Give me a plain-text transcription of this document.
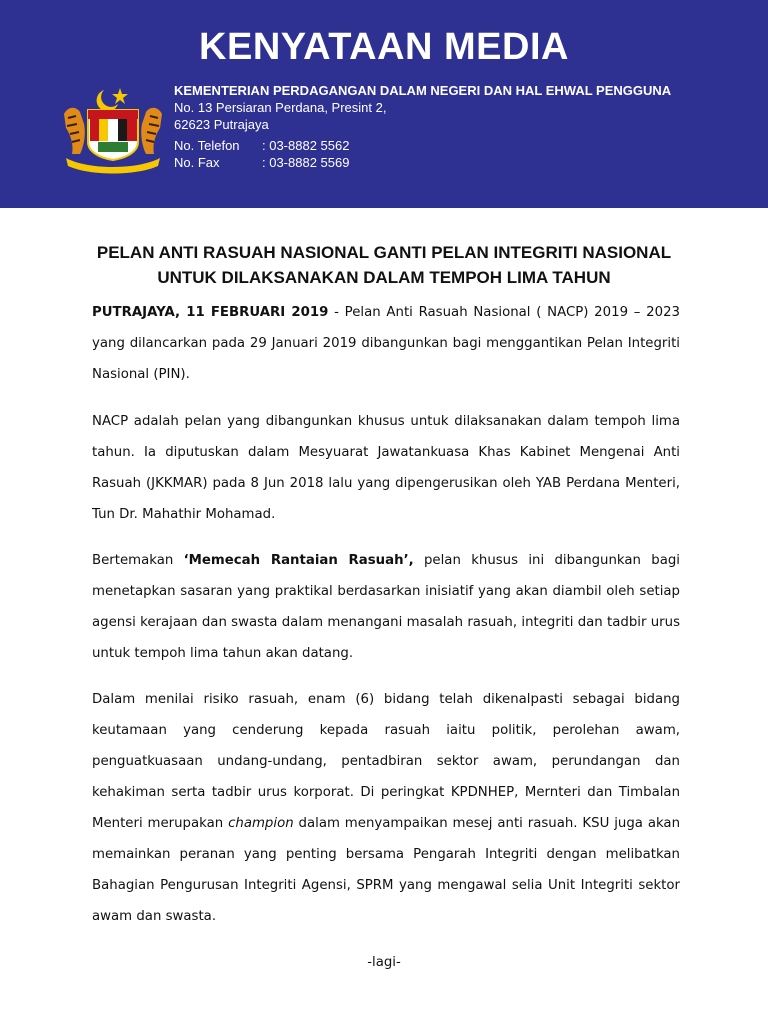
KENYATAAN MEDIA
KEMENTERIAN PERDAGANGAN DALAM NEGERI DAN HAL EHWAL PENGGUNA
No. 13 Persiaran Perdana, Presint 2,
62623 Putrajaya
No. Telefon : 03-8882 5562
No. Fax	: 03-8882 5569
PELAN ANTI RASUAH NASIONAL GANTI PELAN INTEGRITI NASIONAL
UNTUK DILAKSANAKAN DALAM TEMPOH LIMA TAHUN
PUTRAJAYA, 11 FEBRUARI 2019 - Pelan Anti Rasuah Nasional ( NACP) 2019 – 2023 yang dilancarkan pada 29 Januari 2019 dibangunkan bagi menggantikan Pelan Integriti Nasional (PIN).
NACP adalah pelan yang dibangunkan khusus untuk dilaksanakan dalam tempoh lima tahun. Ia diputuskan dalam Mesyuarat Jawatankuasa Khas Kabinet Mengenai Anti Rasuah (JKKMAR) pada 8 Jun 2018 lalu yang dipengerusikan oleh YAB Perdana Menteri, Tun Dr. Mahathir Mohamad.
Bertemakan ‘Memecah Rantaian Rasuah’, pelan khusus ini dibangunkan bagi menetapkan sasaran yang praktikal berdasarkan inisiatif yang akan diambil oleh setiap agensi kerajaan dan swasta dalam menangani masalah rasuah, integriti dan tadbir urus untuk tempoh lima tahun akan datang.
Dalam menilai risiko rasuah, enam (6) bidang telah dikenalpasti sebagai bidang keutamaan yang cenderung kepada rasuah iaitu politik, perolehan awam, penguatkuasaan undang-undang, pentadbiran sektor awam, perundangan dan kehakiman serta tadbir urus korporat. Di peringkat KPDNHEP, Mernteri dan Timbalan Menteri merupakan champion dalam menyampaikan mesej anti rasuah. KSU juga akan memainkan peranan yang penting bersama Pengarah Integriti dengan melibatkan Bahagian Pengurusan Integriti Agensi, SPRM yang mengawal selia Unit Integriti sektor awam dan swasta.
-lagi-
